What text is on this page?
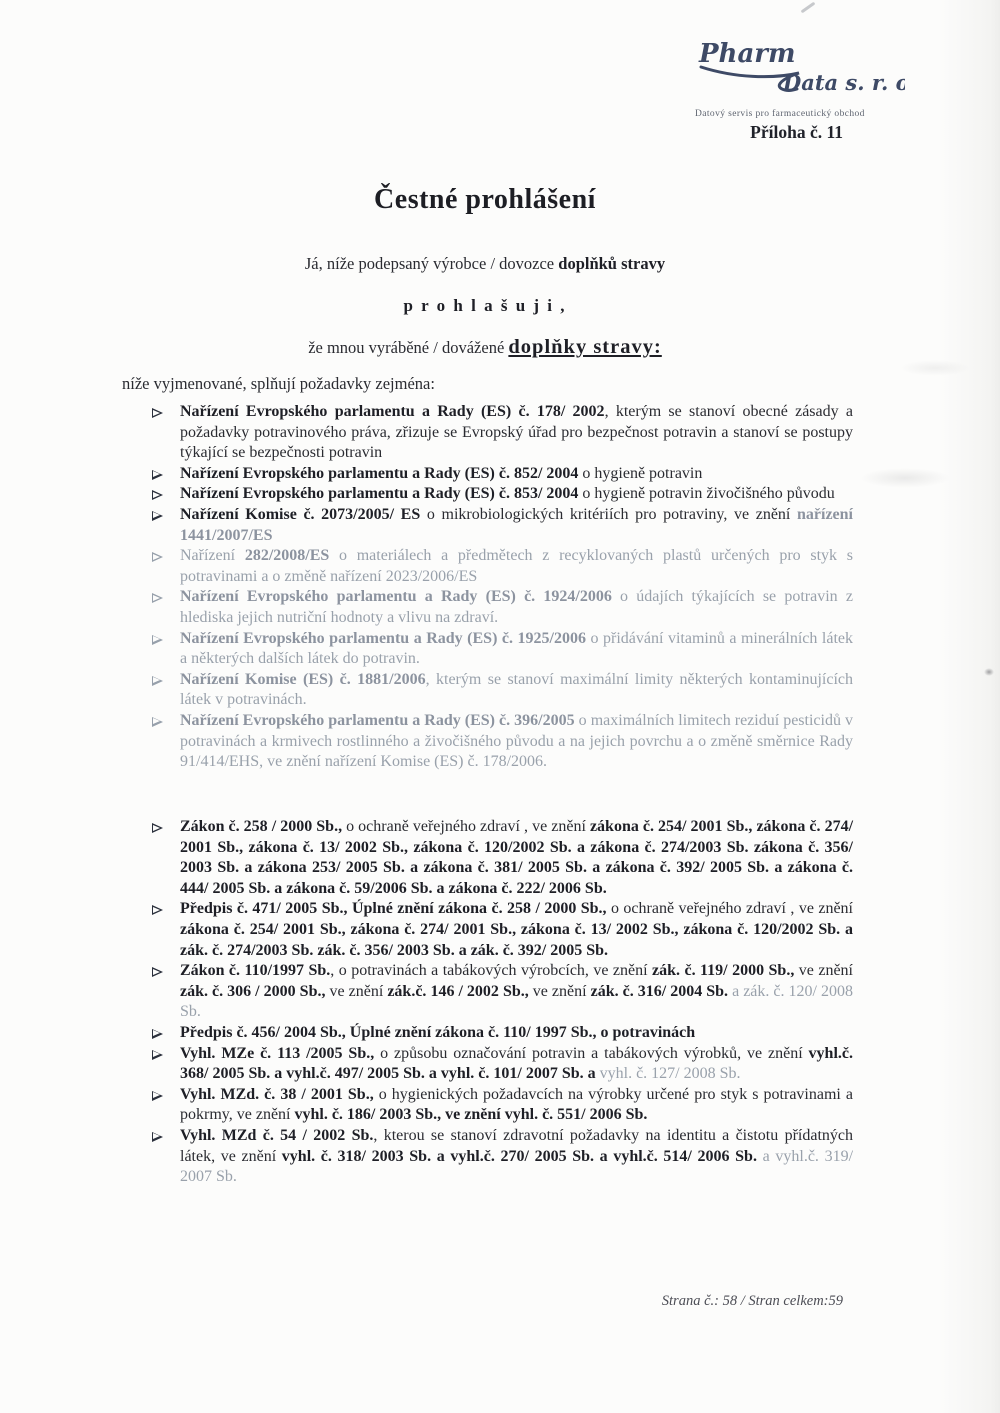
Pharm
Data s. r. o.
Datový servis pro farmaceutický obchod
Příloha č. 11
Čestné prohlášení
Já, níže podepsaný výrobce / dovozce doplňků stravy
p r o h l a š u j i ,
že mnou vyráběné / dovážené doplňky stravy:
níže vyjmenované, splňují požadavky zejména:
Nařízení Evropského parlamentu a Rady (ES) č. 178/ 2002, kterým se stanoví obecné zásady a požadavky potravinového práva, zřizuje se Evropský úřad pro bezpečnost potravin a stanoví se postupy týkající se bezpečnosti potravin
Nařízení Evropského parlamentu a Rady (ES) č. 852/ 2004 o hygieně potravin
Nařízení Evropského parlamentu a Rady (ES) č. 853/ 2004 o hygieně potravin živočišného původu
Nařízení Komise č. 2073/2005/ ES o mikrobiologických kritériích pro potraviny, ve znění nařízení 1441/2007/ES
Nařízení 282/2008/ES o materiálech a předmětech z recyklovaných plastů určených pro styk s potravinami a o změně nařízení 2023/2006/ES
Nařízení Evropského parlamentu a Rady (ES) č. 1924/2006 o údajích týkajících se potravin z hlediska jejich nutriční hodnoty a vlivu na zdraví.
Nařízení Evropského parlamentu a Rady (ES) č. 1925/2006 o přidávání vitaminů a minerálních látek a některých dalších látek do potravin.
Nařízení Komise (ES) č. 1881/2006, kterým se stanoví maximální limity některých kontaminujících látek v potravinách.
Nařízení Evropského parlamentu a Rady (ES) č. 396/2005 o maximálních limitech reziduí pesticidů v potravinách a krmivech rostlinného a živočišného původu a na jejich povrchu a o změně směrnice Rady 91/414/EHS, ve znění nařízení Komise (ES) č. 178/2006.
Zákon č. 258 / 2000 Sb., o ochraně veřejného zdraví , ve znění zákona č. 254/ 2001 Sb., zákona č. 274/ 2001 Sb., zákona č. 13/ 2002 Sb., zákona č. 120/2002 Sb. a zákona č. 274/2003 Sb. zákona č. 356/ 2003 Sb. a zákona 253/ 2005 Sb. a zákona č. 381/ 2005 Sb. a zákona č. 392/ 2005 Sb. a zákona č. 444/ 2005 Sb. a zákona č. 59/2006 Sb. a zákona č. 222/ 2006 Sb.
Předpis č. 471/ 2005 Sb., Úplné znění zákona č. 258 / 2000 Sb., o ochraně veřejného zdraví , ve znění zákona č. 254/ 2001 Sb., zákona č. 274/ 2001 Sb., zákona č. 13/ 2002 Sb., zákona č. 120/2002 Sb. a zák. č. 274/2003 Sb. zák. č. 356/ 2003 Sb. a zák. č. 392/ 2005 Sb.
Zákon č. 110/1997 Sb., o potravinách a tabákových výrobcích, ve znění zák. č. 119/ 2000 Sb., ve znění zák. č. 306 / 2000 Sb., ve znění zák.č. 146 / 2002 Sb., ve znění zák. č. 316/ 2004 Sb. a zák. č. 120/ 2008 Sb.
Předpis č. 456/ 2004 Sb., Úplné znění zákona č. 110/ 1997 Sb., o potravinách
Vyhl. MZe č. 113 /2005 Sb., o způsobu označování potravin a tabákových výrobků, ve znění vyhl.č. 368/ 2005 Sb. a vyhl.č. 497/ 2005 Sb. a vyhl. č. 101/ 2007 Sb. a vyhl. č. 127/ 2008 Sb.
Vyhl. MZd. č. 38 / 2001 Sb., o hygienických požadavcích na výrobky určené pro styk s potravinami a pokrmy, ve znění vyhl. č. 186/ 2003 Sb., ve znění vyhl. č. 551/ 2006 Sb.
Vyhl. MZd č. 54 / 2002 Sb., kterou se stanoví zdravotní požadavky na identitu a čistotu přídatných látek, ve znění vyhl. č. 318/ 2003 Sb. a vyhl.č. 270/ 2005 Sb. a vyhl.č. 514/ 2006 Sb. a vyhl.č. 319/ 2007 Sb.
Strana č.: 58 / Stran celkem:59
